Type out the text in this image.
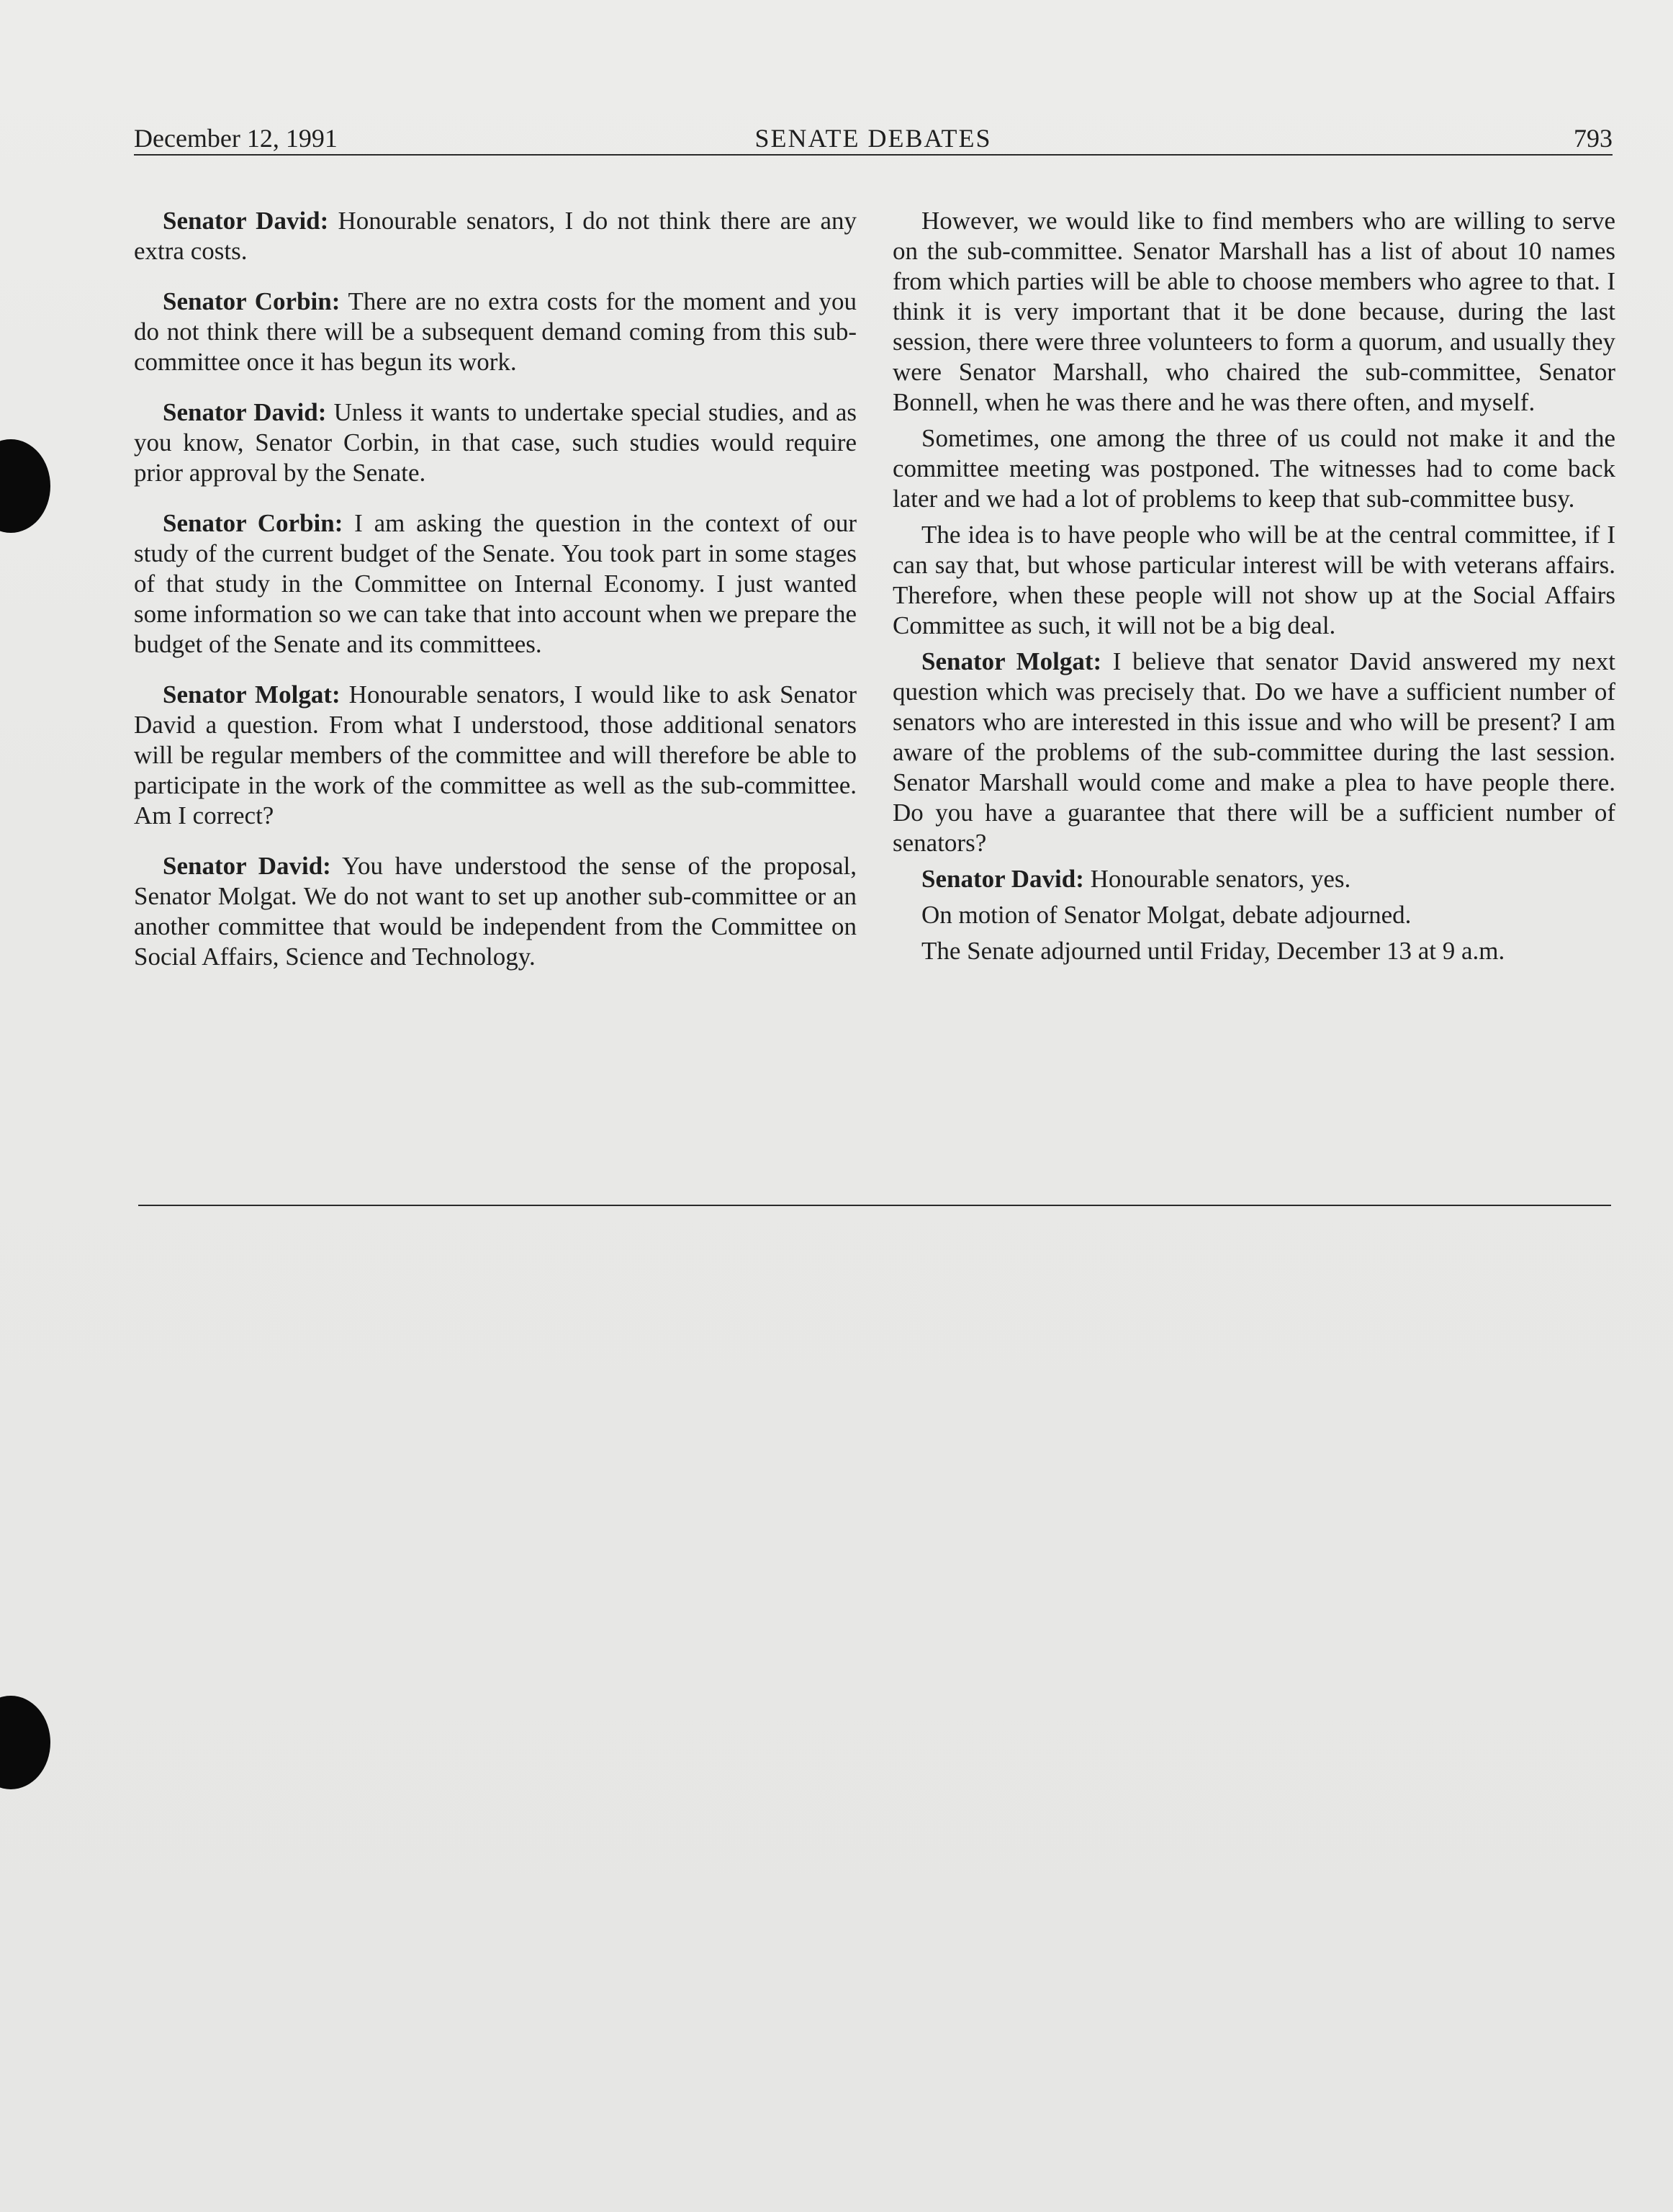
December 12, 1991	SENATE DEBATES	793

Senator David: Honourable senators, I do not think there are any extra costs.

Senator Corbin: There are no extra costs for the moment and you do not think there will be a subsequent demand coming from this sub-committee once it has begun its work.

Senator David: Unless it wants to undertake special studies, and as you know, Senator Corbin, in that case, such studies would require prior approval by the Senate.

Senator Corbin: I am asking the question in the context of our study of the current budget of the Senate. You took part in some stages of that study in the Committee on Internal Economy. I just wanted some information so we can take that into account when we prepare the budget of the Senate and its committees.

Senator Molgat: Honourable senators, I would like to ask Senator David a question. From what I understood, those additional senators will be regular members of the committee and will therefore be able to participate in the work of the committee as well as the sub-committee. Am I correct?

Senator David: You have understood the sense of the proposal, Senator Molgat. We do not want to set up another sub-committee or an another committee that would be independent from the Committee on Social Affairs, Science and Technology.

However, we would like to find members who are willing to serve on the sub-committee. Senator Marshall has a list of about 10 names from which parties will be able to choose members who agree to that. I think it is very important that it be done because, during the last session, there were three volunteers to form a quorum, and usually they were Senator Marshall, who chaired the sub-committee, Senator Bonnell, when he was there and he was there often, and myself.

Sometimes, one among the three of us could not make it and the committee meeting was postponed. The witnesses had to come back later and we had a lot of problems to keep that sub-committee busy.

The idea is to have people who will be at the central committee, if I can say that, but whose particular interest will be with veterans affairs. Therefore, when these people will not show up at the Social Affairs Committee as such, it will not be a big deal.

Senator Molgat: I believe that senator David answered my next question which was precisely that. Do we have a sufficient number of senators who are interested in this issue and who will be present? I am aware of the problems of the sub-committee during the last session. Senator Marshall would come and make a plea to have people there. Do you have a guarantee that there will be a sufficient number of senators?

Senator David: Honourable senators, yes.

On motion of Senator Molgat, debate adjourned.

The Senate adjourned until Friday, December 13 at 9 a.m.
